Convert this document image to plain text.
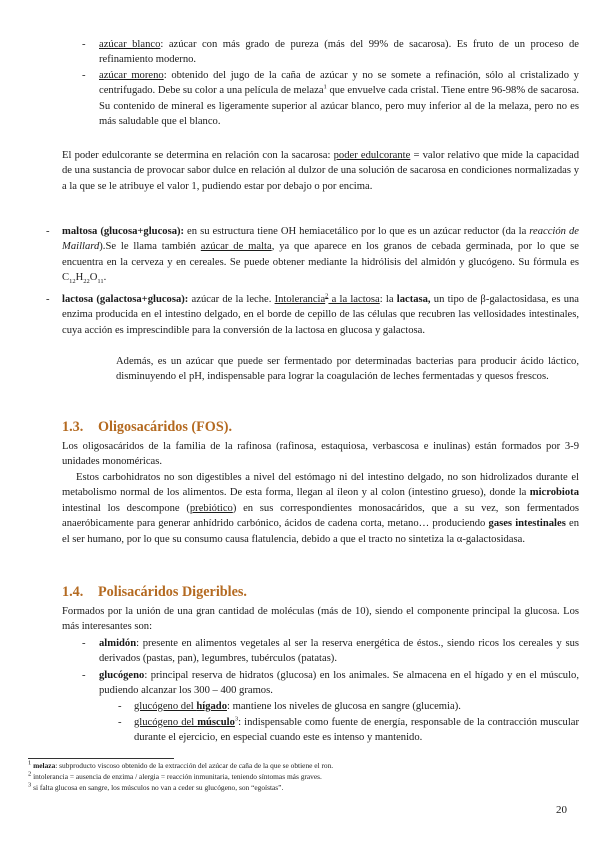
- azúcar blanco: azúcar con más grado de pureza (más del 99% de sacarosa). Es fruto de un proceso de refinamiento moderno.

- azúcar moreno: obtenido del jugo de la caña de azúcar y no se somete a refinación, sólo al cristalizado y centrifugado. Debe su color a una película de melaza$^1$ que envuelve cada cristal. Tiene entre 96-98% de sacarosa. Su contenido de mineral es ligeramente superior al azúcar blanco, pero muy inferior al de la melaza, pero no es más saludable que el blanco.

El poder edulcorante se determina en relación con la sacarosa: poder edulcorante = valor relativo que mide la capacidad de una sustancia de provocar sabor dulce en relación al dulzor de una solución de sacarosa en condiciones normalizadas y a la que se le atribuye el valor 1, pudiendo estar por debajo o por encima.

- maltosa (glucosa+glucosa): en su estructura tiene OH hemiacetálico por lo que es un azúcar reductor (da la reacción de Maillard).Se le llama también azúcar de malta, ya que aparece en los granos de cebada germinada, por lo que se encuentra en la cerveza y en cereales. Se puede obtener mediante la hidrólisis del almidón y glucógeno. Su fórmula es $C_{12}H_{22}O_{11}$.

- lactosa (galactosa+glucosa): azúcar de la leche. Intolerancia$^2$ a la lactosa: la lactasa, un tipo de β-galactosidasa, es una enzima producida en el intestino delgado, en el borde de cepillo de las células que recubren las vellosidades intestinales, cuya acción es imprescindible para la conversión de la lactosa en glucosa y galactosa.

Además, es un azúcar que puede ser fermentado por determinadas bacterias para producir ácido láctico, disminuyendo el pH, indispensable para lograr la coagulación de leches fermentadas y quesos frescos.

1.3. Oligosacáridos (FOS).

Los oligosacáridos de la familia de la rafinosa (rafinosa, estaquiosa, verbascosa e inulinas) están formados por 3-9 unidades monoméricas.

Estos carbohidratos no son digestibles a nivel del estómago ni del intestino delgado, no son hidrolizados durante el metabolismo normal de los alimentos. De esta forma, llegan al íleon y al colon (intestino grueso), donde la microbiota intestinal los descompone (prebiótico) en sus correspondientes monosacáridos, que a su vez, son fermentados anaeróbicamente para generar anhídrido carbónico, ácidos de cadena corta, metano… produciendo gases intestinales en el ser humano, por lo que su consumo causa flatulencia, debido a que el tracto no sintetiza la α-galactosidasa.

1.4. Polisacáridos Digeribles.

Formados por la unión de una gran cantidad de moléculas (más de 10), siendo el componente principal la glucosa. Los más interesantes son:

- almidón: presente en alimentos vegetales al ser la reserva energética de éstos., siendo ricos los cereales y sus derivados (pastas, pan), legumbres, tubérculos (patatas).

- glucógeno: principal reserva de hidratos (glucosa) en los animales. Se almacena en el hígado y en el músculo, pudiendo alcanzar los 300 – 400 gramos.

- glucógeno del hígado: mantiene los niveles de glucosa en sangre (glucemia).

- glucógeno del músculo$^3$: indispensable como fuente de energía, responsable de la contracción muscular durante el ejercicio, en especial cuando este es intenso y mantenido.

$^1$ melaza: subproducto viscoso obtenido de la extracción del azúcar de caña de la que se obtiene el ron.
$^2$ intolerancia = ausencia de enzima / alergia = reacción inmunitaria, teniendo síntomas más graves.
$^3$ si falta glucosa en sangre, los músculos no van a ceder su glucógeno, son “egoístas”.
20
